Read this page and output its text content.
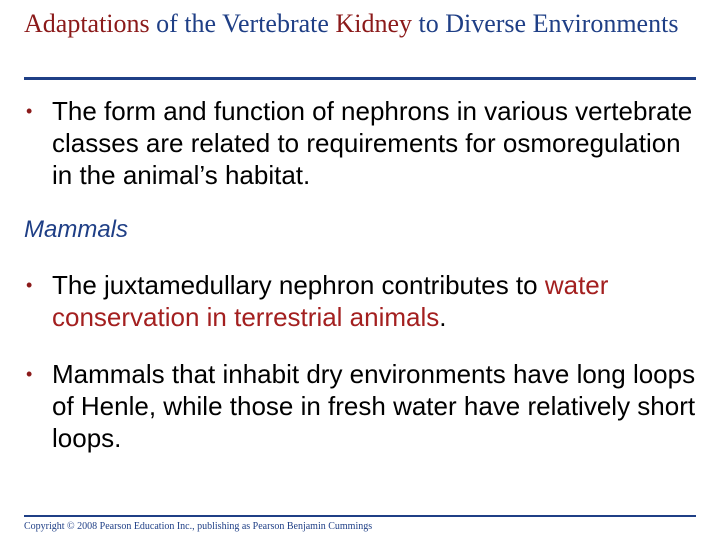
Adaptations of the Vertebrate Kidney to Diverse Environments
• The form and function of nephrons in various vertebrate classes are related to requirements for osmoregulation in the animal’s habitat.
Mammals
• The juxtamedullary nephron contributes to water conservation in terrestrial animals.
• Mammals that inhabit dry environments have long loops of Henle, while those in fresh water have relatively short loops.
Copyright © 2008 Pearson Education Inc., publishing as Pearson Benjamin Cummings
